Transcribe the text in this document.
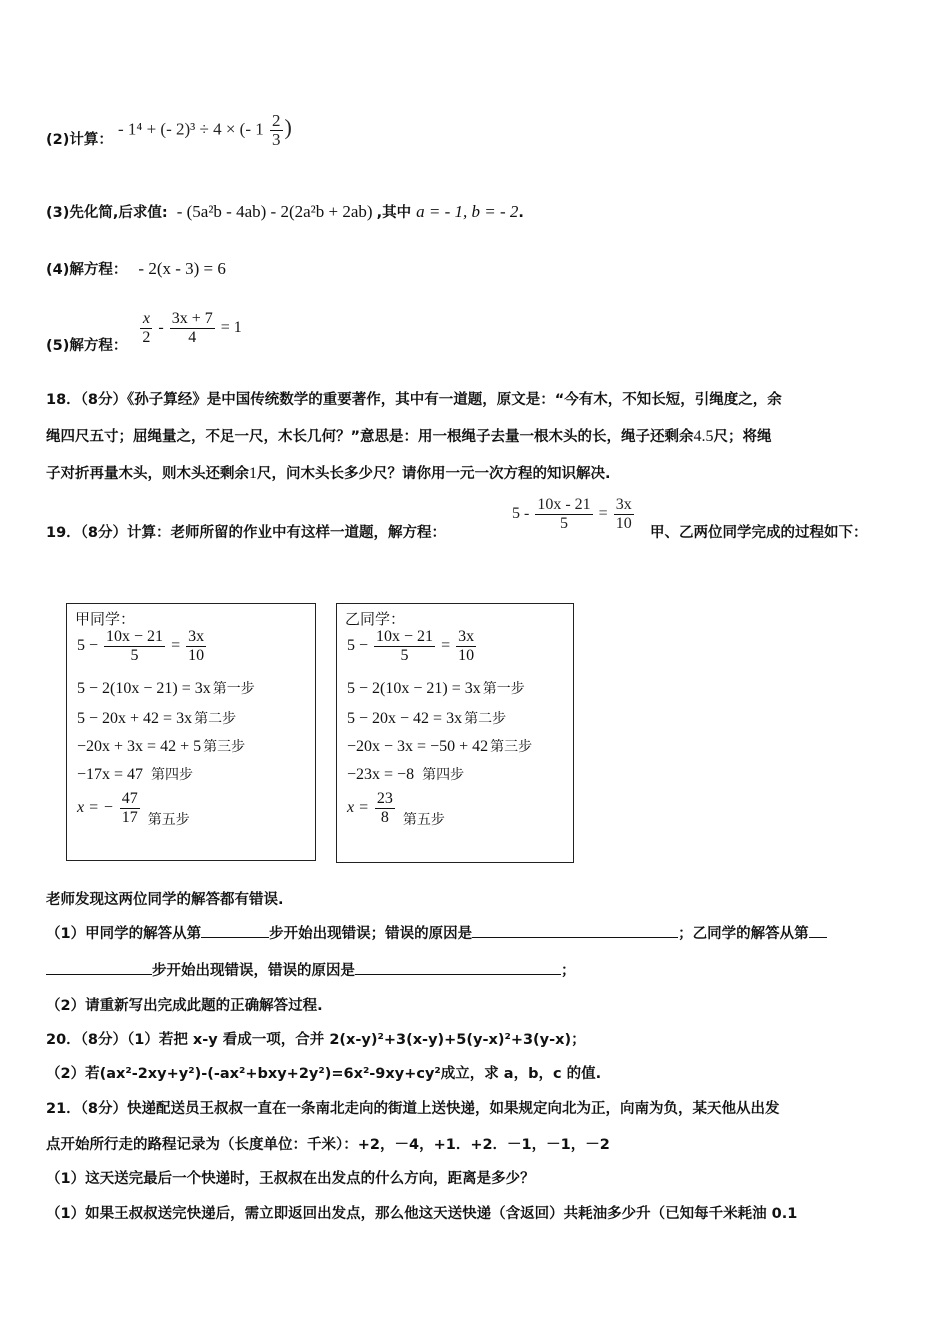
(2)计算：
- 1⁴ + (- 2)³ ÷ 4 × (- $1 \frac{2}{3}$ )
(3)先化简,后求值: - (5a²b - 4ab) - 2(2a²b + 2ab) ,其中 a = - 1, b = - 2.
(4)解方程： - 2(x - 3) = 6
(5)解方程： $\frac{x}{2} - \frac{3x + 7}{4} = 1$
18．（8分）《孙子算经》是中国传统数学的重要著作，其中有一道题，原文是：“今有木，不知长短，引绳度之，余
绳四尺五寸；屈绳量之，不足一尺，木长几何？”意思是：用一根绳子去量一根木头的长，绳子还剩余4.5尺；将绳
子对折再量木头，则木头还剩余1尺，问木头长多少尺？请你用一元一次方程的知识解决.
19．（8分）计算：老师所留的作业中有这样一道题，解方程：
$5 - \frac{10x - 21}{5} = \frac{3x}{10}$ 甲、乙两位同学完成的过程如下：
甲同学：
$5 - \frac{10x - 21}{5} = \frac{3x}{10}$
5 − 2(10x − 21) = 3x 第一步
5 − 20x + 42 = 3x 第二步
−20x + 3x = 42 + 5 第三步
−17x = 47 第四步
x = − $\frac{47}{17}$ 第五步
乙同学：
$5 - \frac{10x - 21}{5} = \frac{3x}{10}$
5 − 2(10x − 21) = 3x 第一步
5 − 20x − 42 = 3x 第二步
−20x − 3x = −50 + 42 第三步
−23x = −8 第四步
$x = \frac{23}{8}$ 第五步
老师发现这两位同学的解答都有错误.
（1）甲同学的解答从第	步开始出现错误；错误的原因是	；乙同学的解答从第
步开始出现错误，错误的原因是	；
（2）请重新写出完成此题的正确解答过程.
20．（8分）（1）若把 x-y 看成一项，合并 2(x-y)²+3(x-y)+5(y-x)²+3(y-x)；
（2）若(ax²-2xy+y²)-(-ax²+bxy+2y²)=6x²-9xy+cy²成立，求 a，b，c 的值.
21．（8分）快递配送员王叔叔一直在一条南北走向的街道上送快递，如果规定向北为正，向南为负，某天他从出发
点开始所行走的路程记录为（长度单位：千米）：+2，－4，+1．+2．－1，－1，－2
（1）这天送完最后一个快递时，王叔叔在出发点的什么方向，距离是多少？
（1）如果王叔叔送完快递后，需立即返回出发点，那么他这天送快递（含返回）共耗油多少升（已知每千米耗油 0.1
